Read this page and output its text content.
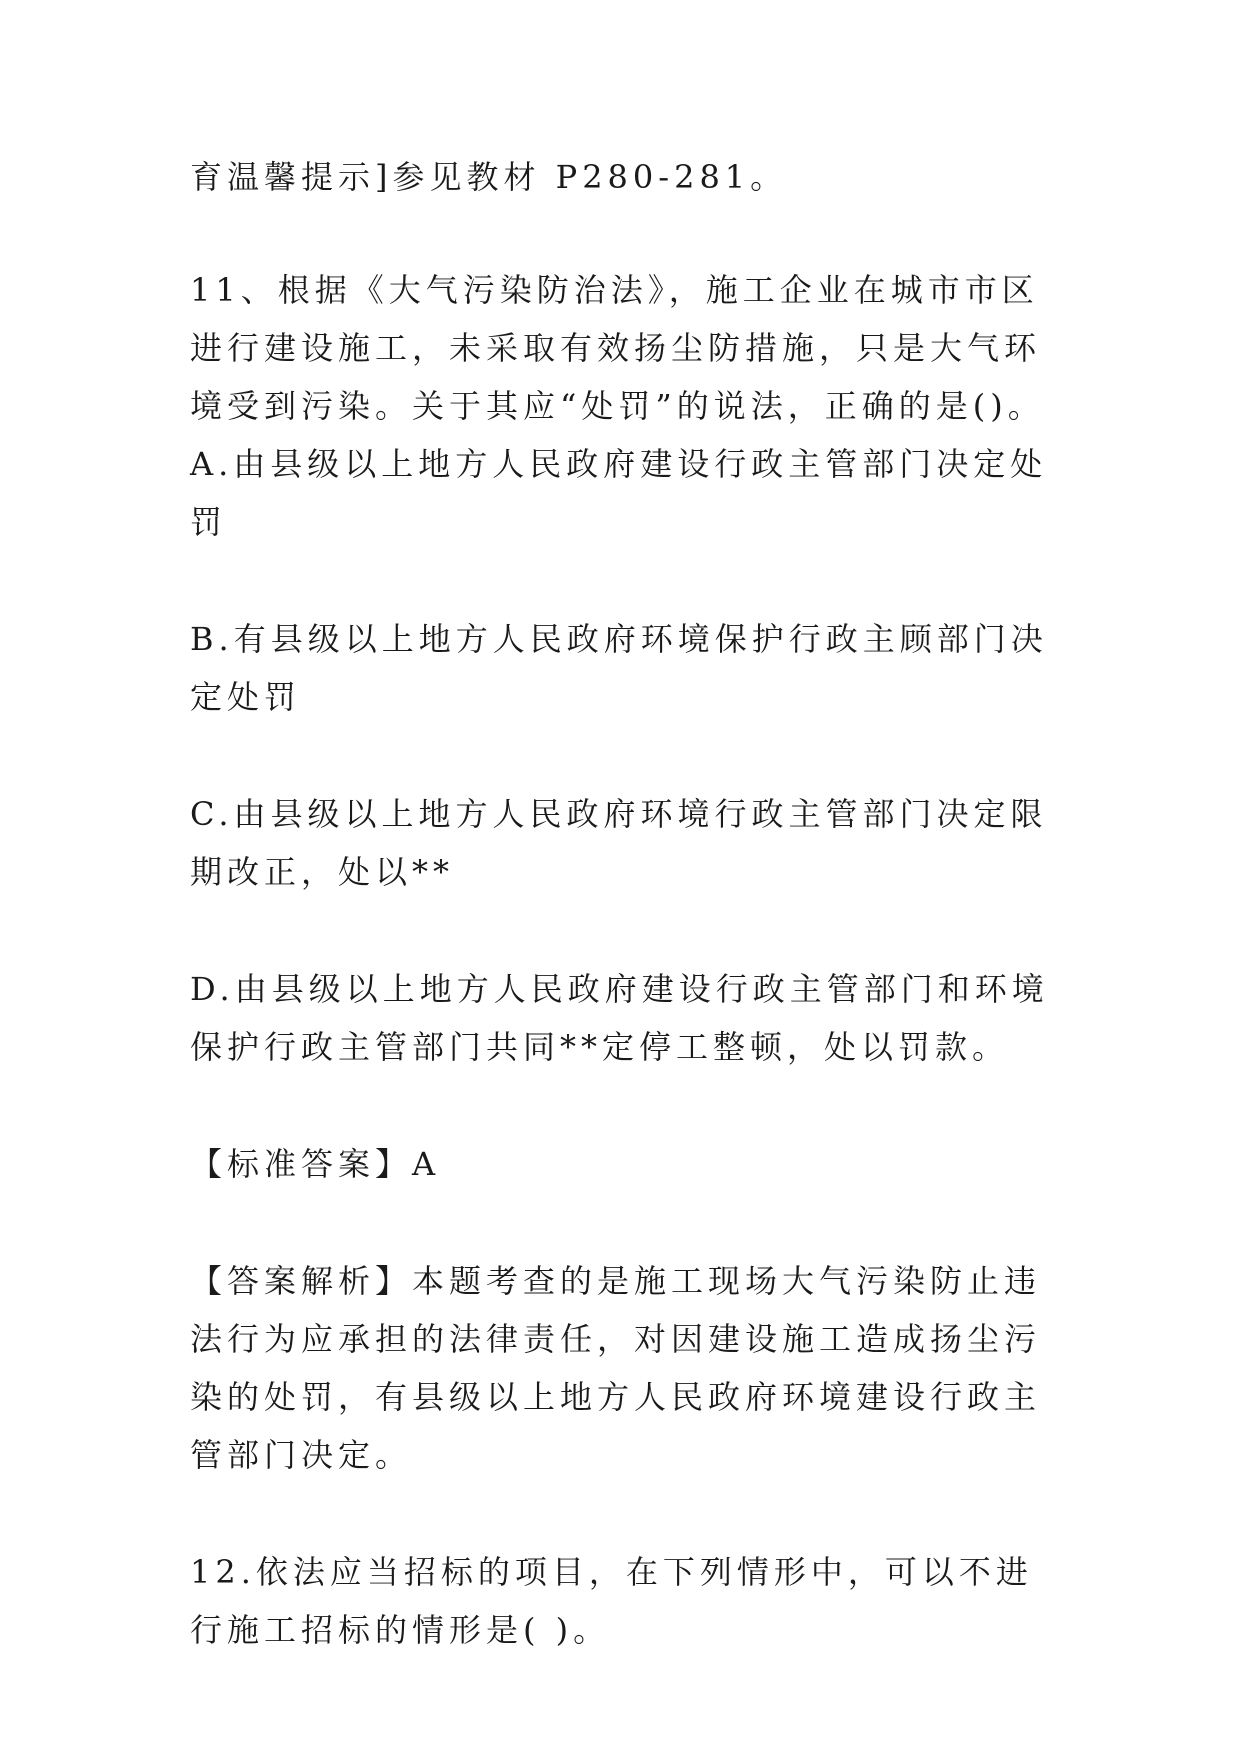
育温馨提示]参见教材 P280-281。

11、根据《大气污染防治法》，施工企业在城市市区进行建设施工，未采取有效扬尘防措施，只是大气环境受到污染。关于其应“处罚”的说法，正确的是()。 A.由县级以上地方人民政府建设行政主管部门决定处罚

B.有县级以上地方人民政府环境保护行政主顾部门决定处罚

C.由县级以上地方人民政府环境行政主管部门决定限期改正，处以**

D.由县级以上地方人民政府建设行政主管部门和环境保护行政主管部门共同**定停工整顿，处以罚款。

【标准答案】A

【答案解析】本题考查的是施工现场大气污染防止违法行为应承担的法律责任，对因建设施工造成扬尘污染的处罚，有县级以上地方人民政府环境建设行政主管部门决定。

12.依法应当招标的项目，在下列情形中，可以不进行施工招标的情形是( )。
